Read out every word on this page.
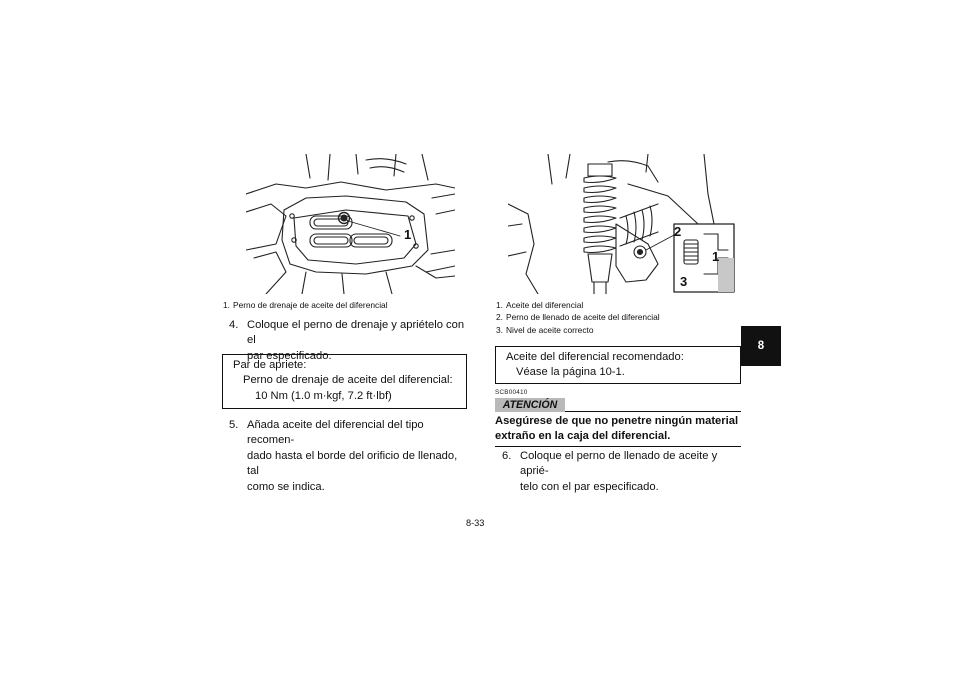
1
1. Perno de drenaje de aceite del diferencial
4. Coloque el perno de drenaje y apriételo con el
par especificado.
Par de apriete:
Perno de drenaje de aceite del diferencial:
10 Nm (1.0 m·kgf, 7.2 ft·lbf)
5. Añada aceite del diferencial del tipo recomen-
dado hasta el borde del orificio de llenado, tal
como se indica.
2
1
3
1. Aceite del diferencial
2. Perno de llenado de aceite del diferencial
3. Nivel de aceite correcto
Aceite del diferencial recomendado:
Véase la página 10-1.
SCB00410
ATENCIÓN
Asegúrese de que no penetre ningún material
extraño en la caja del diferencial.
6. Coloque el perno de llenado de aceite y aprié-
telo con el par especificado.
8
8-33
